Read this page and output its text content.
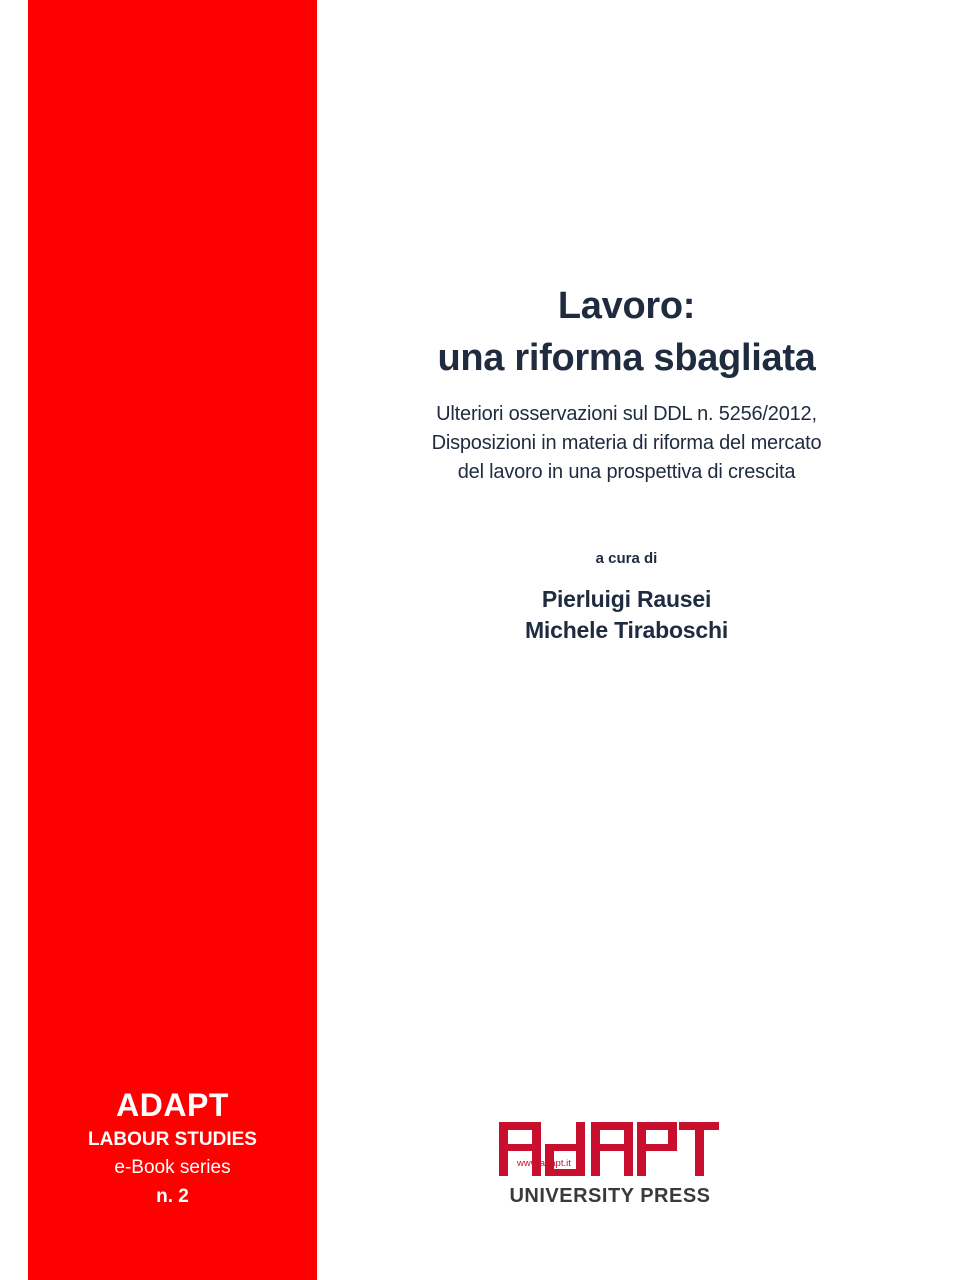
ADAPT
LABOUR STUDIES
e-Book series
n. 2
Lavoro:
una riforma sbagliata
Ulteriori osservazioni sul DDL n. 5256/2012,
Disposizioni in materia di riforma del mercato
del lavoro in una prospettiva di crescita
a cura di
Pierluigi Rausei
Michele Tiraboschi
www.adapt.it
ADAPT
UNIVERSITY PRESS
